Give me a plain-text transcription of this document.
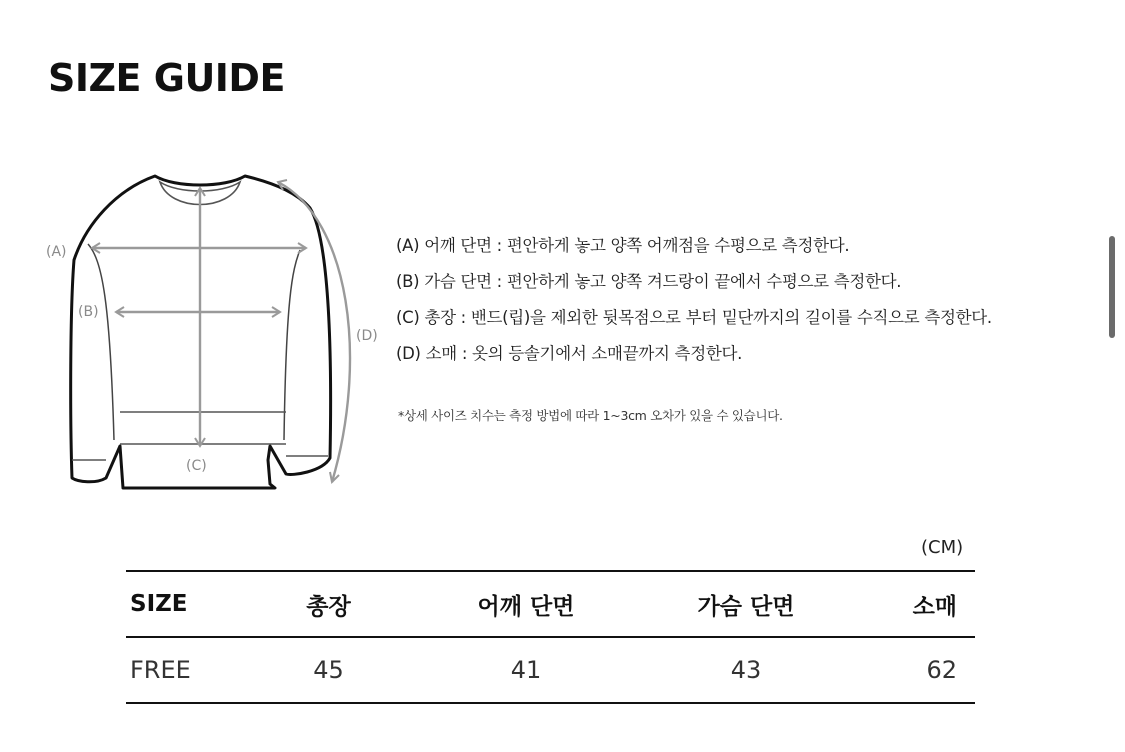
SIZE GUIDE
(A)
(B)
(C)
(D)
(A) 어깨 단면 : 편안하게 놓고 양쪽 어깨점을 수평으로 측정한다.
(B) 가슴 단면 : 편안하게 놓고 양쪽 겨드랑이 끝에서 수평으로 측정한다.
(C) 총장 : 밴드(립)을 제외한 뒷목점으로 부터 밑단까지의 길이를 수직으로 측정한다.
(D) 소매 : 옷의 등솔기에서 소매끝까지 측정한다.
*상세 사이즈 치수는 측정 방법에 따라 1~3cm 오차가 있을 수 있습니다.
(CM)
SIZE	총장	어깨 단면	가슴 단면	소매
FREE	45	41	43	62
